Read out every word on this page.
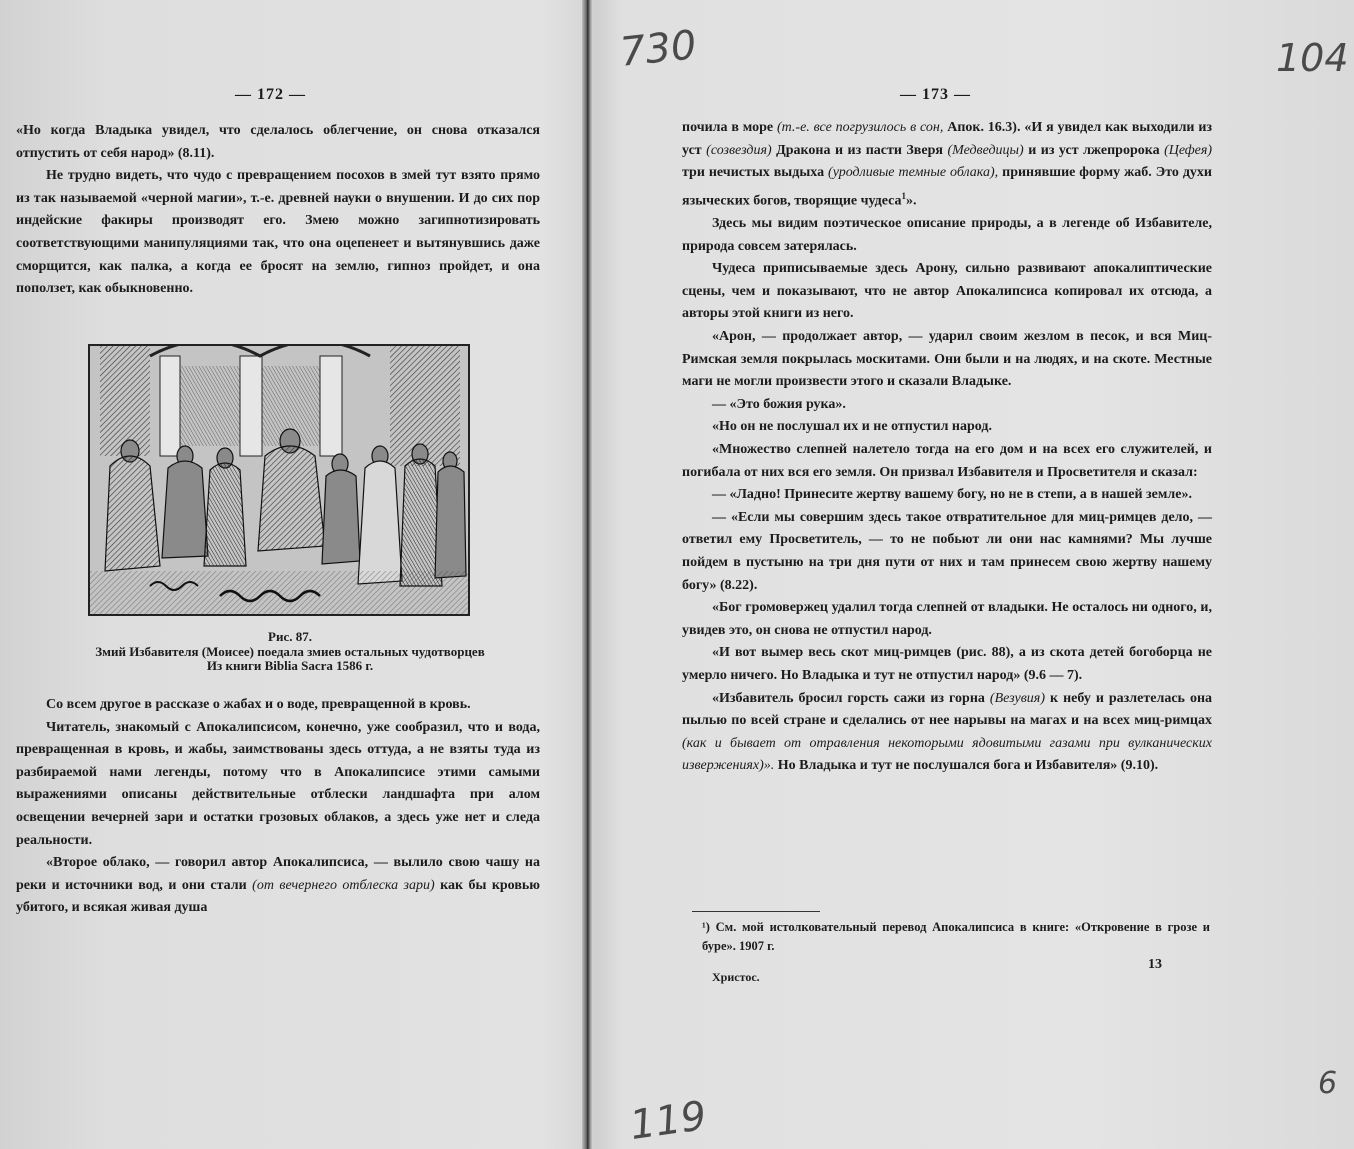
— 172 —

«Но когда Владыка увидел, что сделалось облегчение, он снова отказался отпустить от себя народ» (8.11).

Не трудно видеть, что чудо с превращением посохов в змей тут взято прямо из так называемой «черной магии», т.-е. древней науки о внушении. И до сих пор индейские факиры производят его. Змею можно загипнотизировать соответствующими манипуляциями так, что она оцепенеет и вытянувшись даже сморщится, как палка, а когда ее бросят на землю, гипноз пройдет, и она поползет, как обыкновенно.

Рис. 87.
Змий Избавителя (Моисее) поедала змиев остальных чудотворцев
Из книги Biblia Sacra 1586 г.

Со всем другое в рассказе о жабах и о воде, превращенной в кровь.

Читатель, знакомый с Апокалипсисом, конечно, уже сообразил, что и вода, превращенная в кровь, и жабы, заимствованы здесь оттуда, а не взяты туда из разбираемой нами легенды, потому что в Апокалипсисе этими самыми выражениями описаны действительные отблески ландшафта при алом освещении вечерней зари и остатки грозовых облаков, а здесь уже нет и следа реальности.

«Второе облако, — говорил автор Апокалипсиса, — вылило свою чашу на реки и источники вод, и они стали (от вечернего отблеска зари) как бы кровью убитого, и всякая живая душа

— 173 —

почила в море (т.-е. все погрузилось в сон, Апок. 16.3). «И я увидел как выходили из уст (созвездия) Дракона и из пасти Зверя (Медведицы) и из уст лжепророка (Цефея) три нечистых выдыха (уродливые темные облака), принявшие форму жаб. Это духи языческих богов, творящие чудеса$^1$».

Здесь мы видим поэтическое описание природы, а в легенде об Избавителе, природа совсем затерялась.

Чудеса приписываемые здесь Арону, сильно развивают апокалиптические сцены, чем и показывают, что не автор Апокалипсиса копировал их отсюда, а авторы этой книги из него.

«Арон, — продолжает автор, — ударил своим жезлом в песок, и вся Миц-Римская земля покрылась москитами. Они были и на людях, и на скоте. Местные маги не могли произвести этого и сказали Владыке.

— «Это божия рука».

«Но он не послушал их и не отпустил народ.

«Множество слепней налетело тогда на его дом и на всех его служителей, и погибала от них вся его земля. Он призвал Избавителя и Просветителя и сказал:

— «Ладно! Принесите жертву вашему богу, но не в степи, а в нашей земле».

— «Если мы совершим здесь такое отвратительное для миц-римцев дело, — ответил ему Просветитель, — то не побьют ли они нас камнями? Мы лучше пойдем в пустыню на три дня пути от них и там принесем свою жертву нашему богу» (8.22).

«Бог громовержец удалил тогда слепней от владыки. Не осталось ни одного, и, увидев это, он снова не отпустил народ.

«И вот вымер весь скот миц-римцев (рис. 88), а из скота детей богоборца не умерло ничего. Но Владыка и тут не отпустил народ» (9.6 — 7).

«Избавитель бросил горсть сажи из горна (Везувия) к небу и разлетелась она пылью по всей стране и сделались от нее нарывы на магах и на всех миц-римцах (как и бывает от отравления некоторыми ядовитыми газами при вулканических извержениях)». Но Владыка и тут не послушался бога и Избавителя» (9.10).

¹) См. мой истолковательный перевод Апокалипсиса в книге: «Откровение в грозе и буре». 1907 г.
Христос.
13
730	104
119
6
